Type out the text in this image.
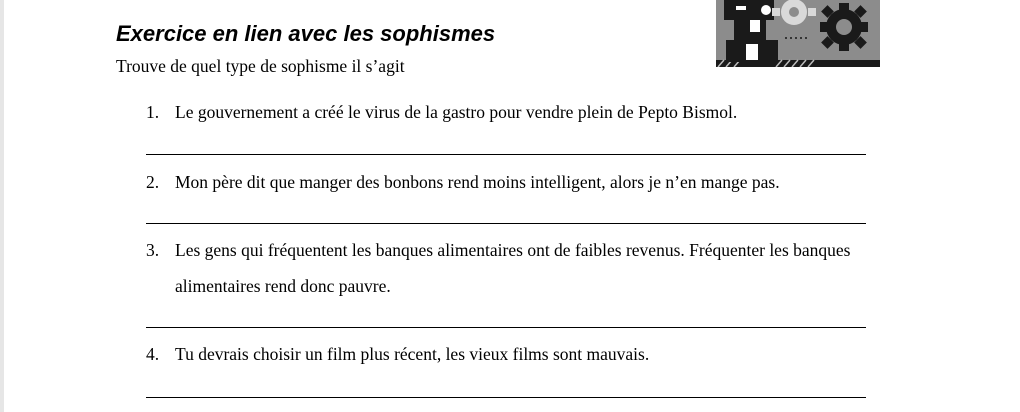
Exercice en lien avec les sophismes

Trouve de quel type de sophisme il s’agit

1. Le gouvernement a créé le virus de la gastro pour vendre plein de Pepto Bismol.
2. Mon père dit que manger des bonbons rend moins intelligent, alors je n’en mange pas.
3. Les gens qui fréquentent les banques alimentaires ont de faibles revenus. Fréquenter les banques alimentaires rend donc pauvre.
4. Tu devrais choisir un film plus récent, les vieux films sont mauvais.
